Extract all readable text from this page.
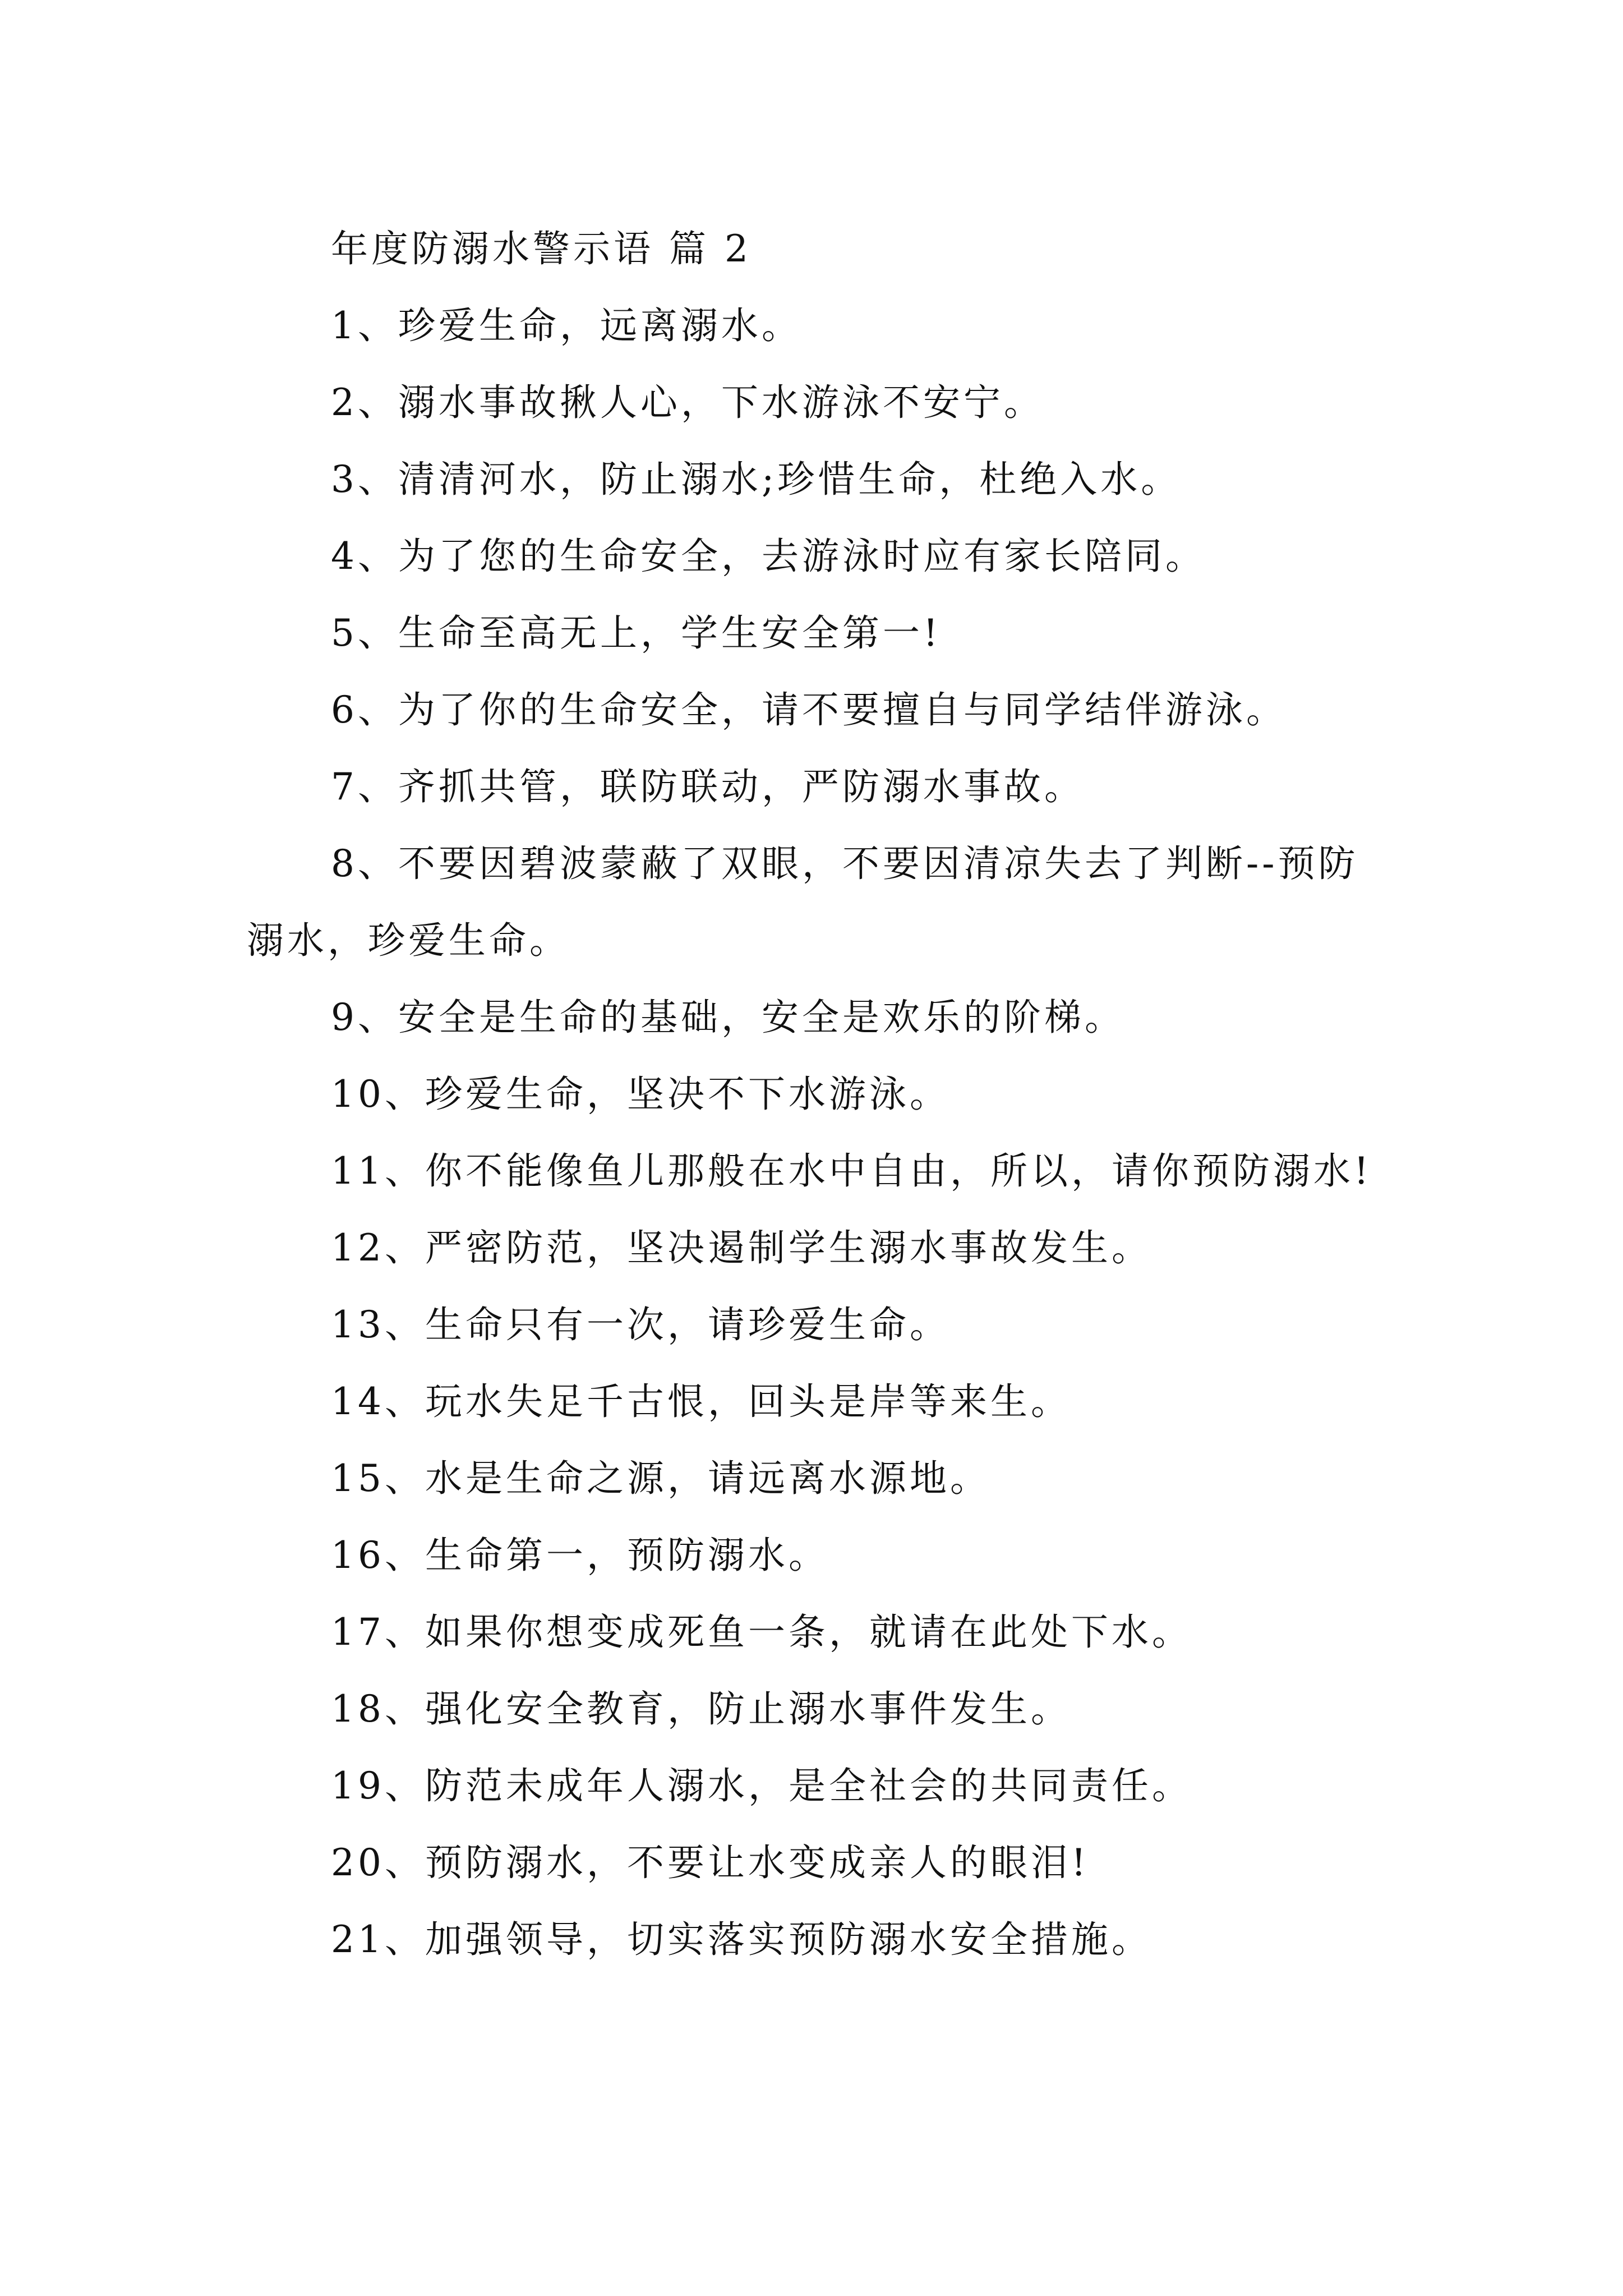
年度防溺水警示语 篇 2

1、珍爱生命，远离溺水。

2、溺水事故揪人心，下水游泳不安宁。

3、清清河水，防止溺水;珍惜生命，杜绝入水。

4、为了您的生命安全，去游泳时应有家长陪同。

5、生命至高无上，学生安全第一!

6、为了你的生命安全，请不要擅自与同学结伴游泳。

7、齐抓共管，联防联动，严防溺水事故。

8、不要因碧波蒙蔽了双眼，不要因清凉失去了判断--预防溺水，珍爱生命。

9、安全是生命的基础，安全是欢乐的阶梯。

10、珍爱生命，坚决不下水游泳。

11、你不能像鱼儿那般在水中自由，所以，请你预防溺水!

12、严密防范，坚决遏制学生溺水事故发生。

13、生命只有一次，请珍爱生命。

14、玩水失足千古恨，回头是岸等来生。

15、水是生命之源，请远离水源地。

16、生命第一，预防溺水。

17、如果你想变成死鱼一条，就请在此处下水。

18、强化安全教育，防止溺水事件发生。

19、防范未成年人溺水，是全社会的共同责任。

20、预防溺水，不要让水变成亲人的眼泪!

21、加强领导，切实落实预防溺水安全措施。
